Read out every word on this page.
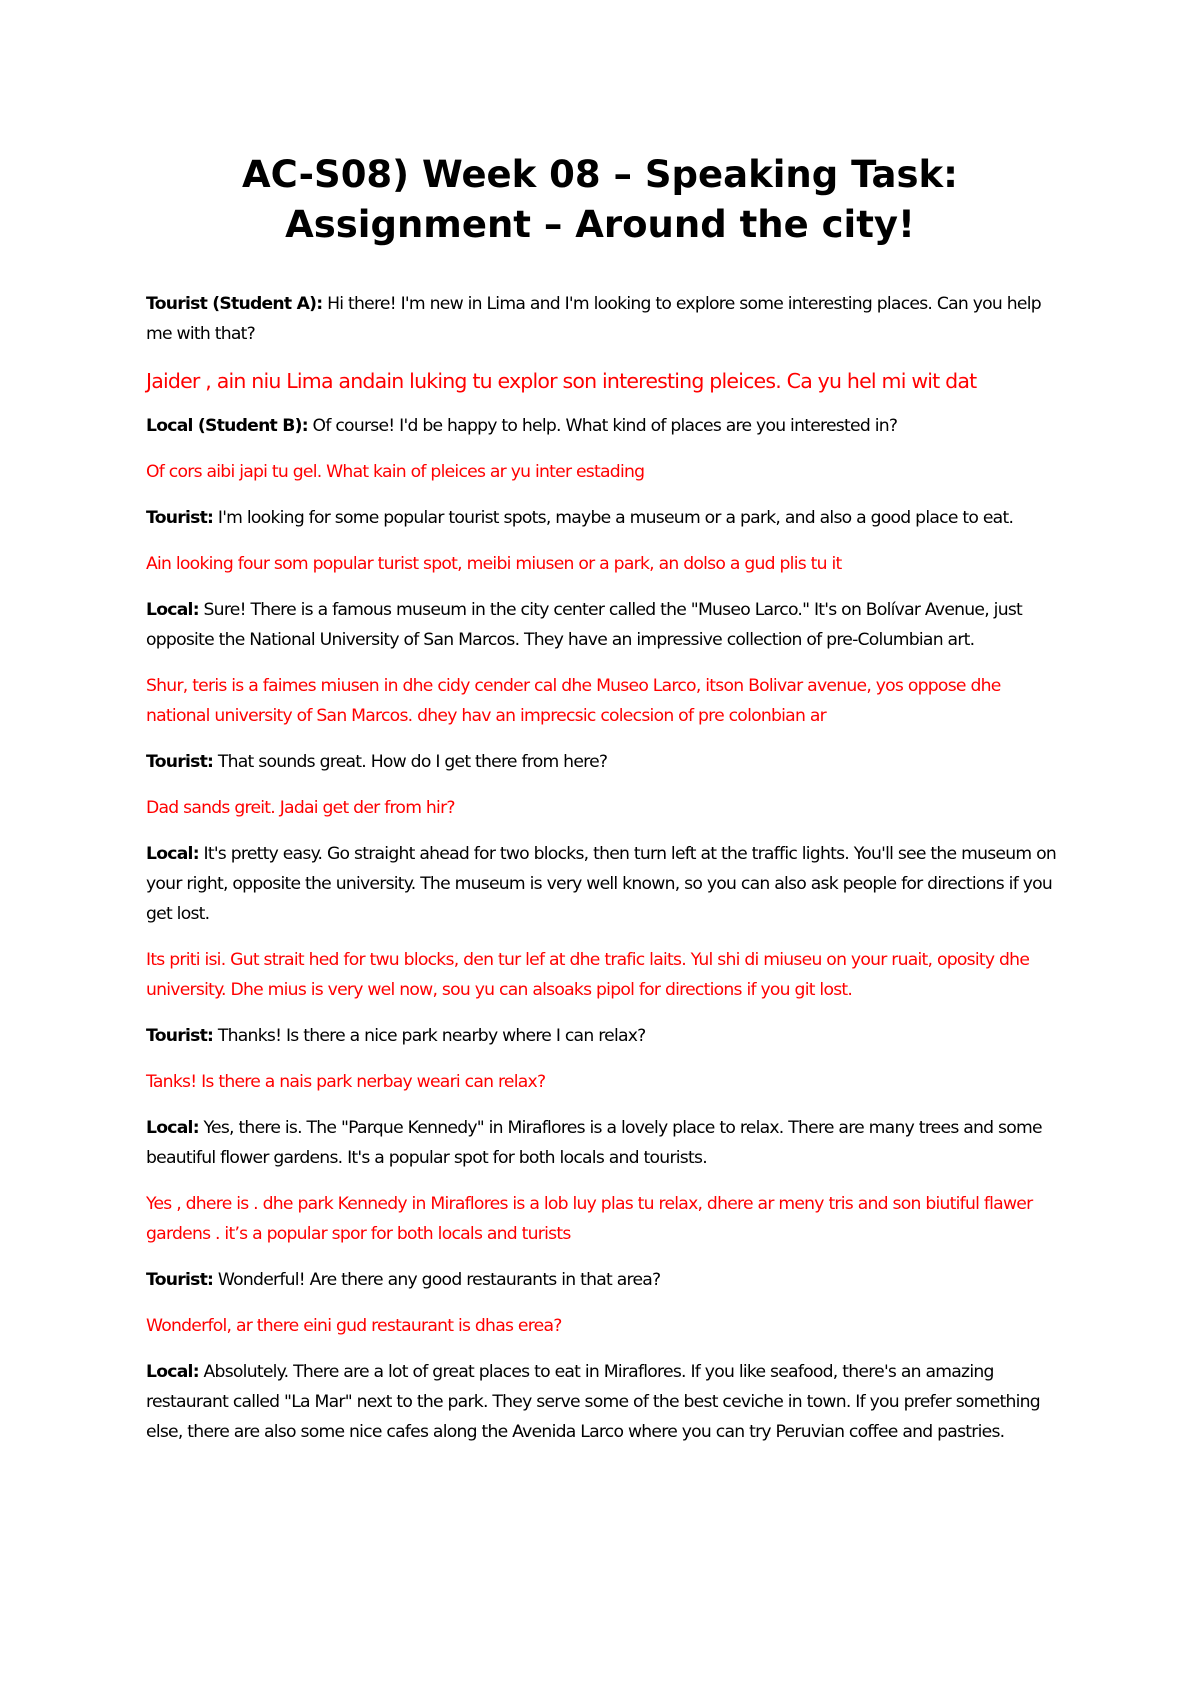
AC-S08) Week 08 – Speaking Task:
Assignment – Around the city!

Tourist (Student A): Hi there! I'm new in Lima and I'm looking to explore some interesting places. Can you help me with that?

Jaider , ain niu Lima andain luking tu explor son interesting pleices. Ca yu hel mi wit dat

Local (Student B): Of course! I'd be happy to help. What kind of places are you interested in?

Of cors aibi japi tu gel. What kain of pleices ar yu inter estading

Tourist: I'm looking for some popular tourist spots, maybe a museum or a park, and also a good place to eat.

Ain looking four som popular turist spot, meibi miusen or a park, an dolso a gud plis tu it

Local: Sure! There is a famous museum in the city center called the "Museo Larco." It's on Bolívar Avenue, just opposite the National University of San Marcos. They have an impressive collection of pre-Columbian art.

Shur, teris is a faimes miusen in dhe cidy cender cal dhe Museo Larco, itson Bolivar avenue, yos oppose dhe national university of San Marcos. dhey hav an imprecsic colecsion of pre colonbian ar

Tourist: That sounds great. How do I get there from here?

Dad sands greit. Jadai get der from hir?

Local: It's pretty easy. Go straight ahead for two blocks, then turn left at the traffic lights. You'll see the museum on your right, opposite the university. The museum is very well known, so you can also ask people for directions if you get lost.

Its priti isi. Gut strait hed for twu blocks, den tur lef at dhe trafic laits. Yul shi di miuseu on your ruait, oposity dhe university. Dhe mius is very wel now, sou yu can alsoaks pipol for directions if you git lost.

Tourist: Thanks! Is there a nice park nearby where I can relax?

Tanks! Is there a nais park nerbay weari can relax?

Local: Yes, there is. The "Parque Kennedy" in Miraflores is a lovely place to relax. There are many trees and some beautiful flower gardens. It's a popular spot for both locals and tourists.

Yes , dhere is . dhe park Kennedy in Miraflores is a lob luy plas tu relax, dhere ar meny tris and son biutiful flawer gardens . it’s a popular spor for both locals and turists

Tourist: Wonderful! Are there any good restaurants in that area?

Wonderfol, ar there eini gud restaurant is dhas erea?

Local: Absolutely. There are a lot of great places to eat in Miraflores. If you like seafood, there's an amazing restaurant called "La Mar" next to the park. They serve some of the best ceviche in town. If you prefer something else, there are also some nice cafes along the Avenida Larco where you can try Peruvian coffee and pastries.
